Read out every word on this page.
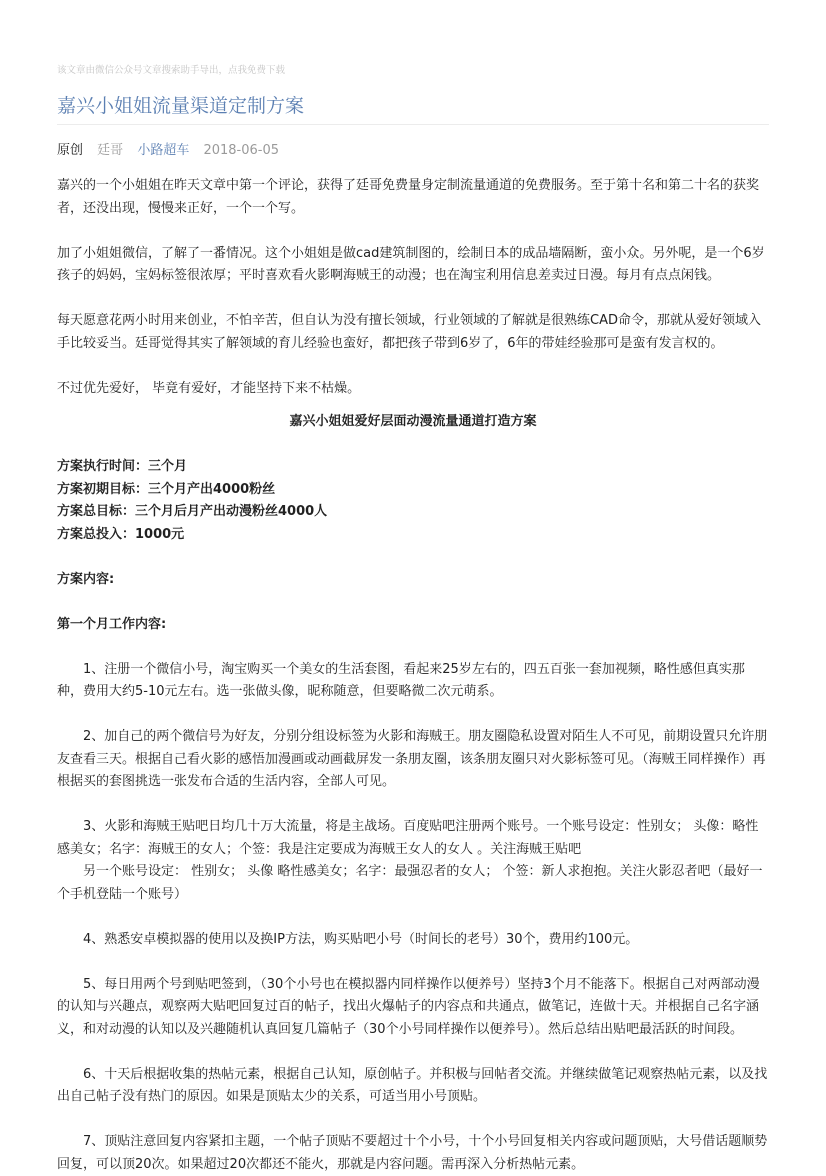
该文章由微信公众号文章搜索助手导出，点我免费下载
嘉兴小姐姐流量渠道定制方案
原创 廷哥 小路超车 2018-06-05

嘉兴的一个小姐姐在昨天文章中第一个评论，获得了廷哥免费量身定制流量通道的免费服务。至于第十名和第二十名的获奖者，还没出现，慢慢来正好，一个一个写。

加了小姐姐微信，了解了一番情况。这个小姐姐是做cad建筑制图的，绘制日本的成品墙隔断，蛮小众。另外呢，是一个6岁孩子的妈妈，宝妈标签很浓厚；平时喜欢看火影啊海贼王的动漫；也在淘宝利用信息差卖过日漫。每月有点点闲钱。

每天愿意花两小时用来创业，不怕辛苦，但自认为没有擅长领域，行业领域的了解就是很熟练CAD命令，那就从爱好领域入手比较妥当。廷哥觉得其实了解领域的育儿经验也蛮好，都把孩子带到6岁了，6年的带娃经验那可是蛮有发言权的。

不过优先爱好， 毕竟有爱好，才能坚持下来不枯燥。

嘉兴小姐姐爱好层面动漫流量通道打造方案

方案执行时间：三个月

方案初期目标：三个月产出4000粉丝

方案总目标：三个月后月产出动漫粉丝4000人

方案总投入：1000元

方案内容:

第一个月工作内容:

1、注册一个微信小号，淘宝购买一个美女的生活套图，看起来25岁左右的，四五百张一套加视频，略性感但真实那种，费用大约5-10元左右。选一张做头像，昵称随意，但要略微二次元萌系。

2、加自己的两个微信号为好友，分别分组设标签为火影和海贼王。朋友圈隐私设置对陌生人不可见，前期设置只允许朋友查看三天。根据自己看火影的感悟加漫画或动画截屏发一条朋友圈，该条朋友圈只对火影标签可见。（海贼王同样操作）再根据买的套图挑选一张发布合适的生活内容，全部人可见。

3、火影和海贼王贴吧日均几十万大流量，将是主战场。百度贴吧注册两个账号。一个账号设定：性别女； 头像：略性感美女；名字：海贼王的女人；个签：我是注定要成为海贼王女人的女人 。关注海贼王贴吧

另一个账号设定： 性别女； 头像 略性感美女；名字：最强忍者的女人； 个签：新人求抱抱。关注火影忍者吧（最好一个手机登陆一个账号）

4、熟悉安卓模拟器的使用以及换IP方法，购买贴吧小号（时间长的老号）30个，费用约100元。

5、每日用两个号到贴吧签到，（30个小号也在模拟器内同样操作以便养号）坚持3个月不能落下。根据自己对两部动漫的认知与兴趣点，观察两大贴吧回复过百的帖子，找出火爆帖子的内容点和共通点，做笔记，连做十天。并根据自己名字涵义，和对动漫的认知以及兴趣随机认真回复几篇帖子（30个小号同样操作以便养号）。然后总结出贴吧最活跃的时间段。

6、十天后根据收集的热帖元素，根据自己认知，原创帖子。并积极与回帖者交流。并继续做笔记观察热帖元素，以及找出自己帖子没有热门的原因。如果是顶贴太少的关系，可适当用小号顶贴。

7、顶贴注意回复内容紧扣主题，一个帖子顶贴不要超过十个小号，十个小号回复相关内容或问题顶贴，大号借话题顺势回复，可以顶20次。如果超过20次都还不能火，那就是内容问题。需再深入分析热帖元素。
